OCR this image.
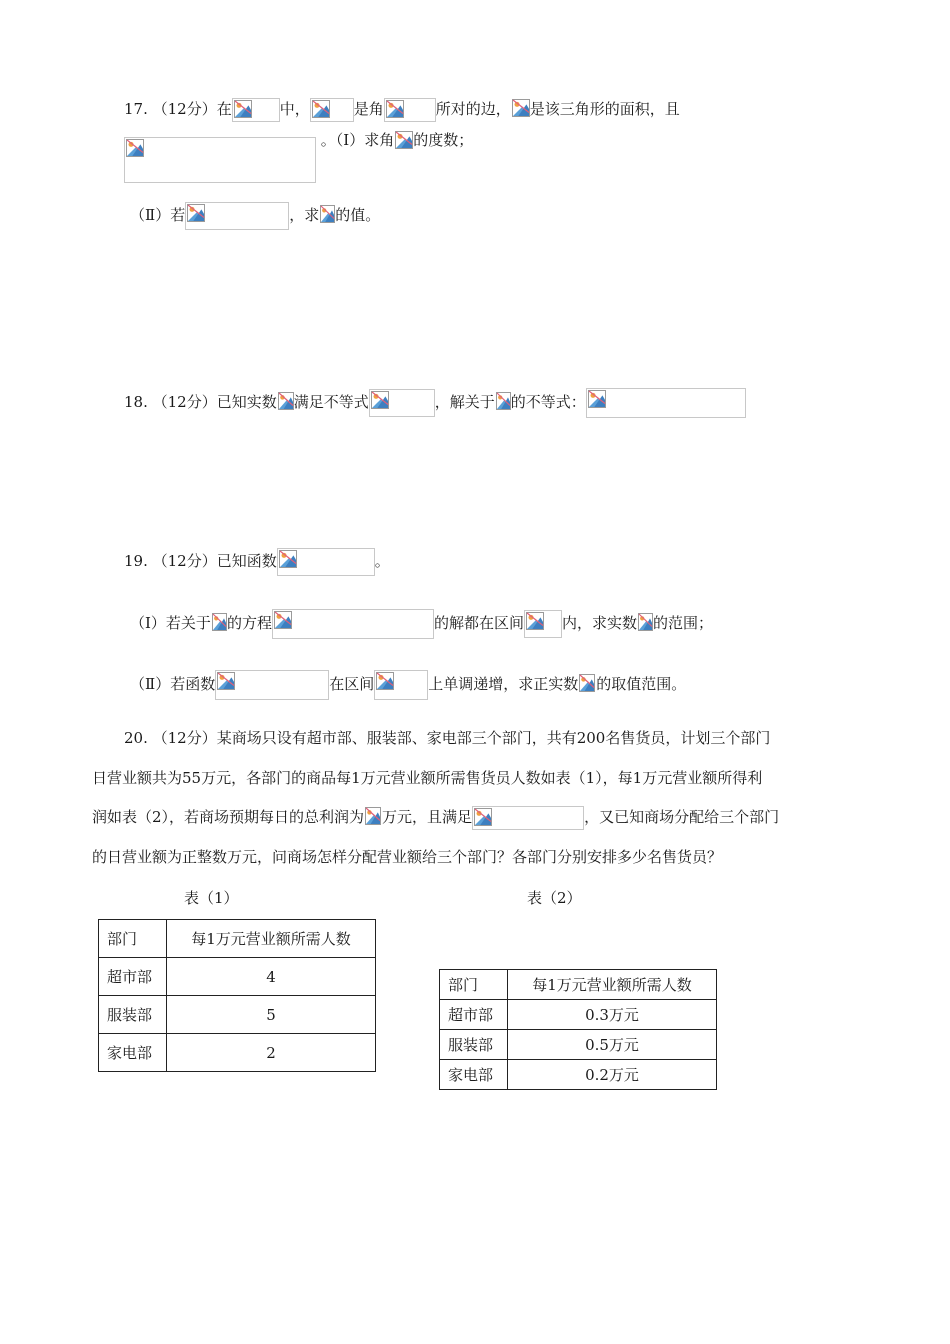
17. （12分）在	中，	是角	所对的边， 是该三角形的面积，且
。（Ⅰ）求角 的度数；
（Ⅱ）若	，求 的值。
18. （12分）已知实数 满足不等式	，解关于 的不等式：
19. （12分）已知函数	。
（Ⅰ）若关于 的方程	的解都在区间	内，求实数 的范围；
（Ⅱ）若函数	在区间	上单调递增，求正实数 的取值范围。
20. （12分）某商场只设有超市部、服装部、家电部三个部门，共有200名售货员，计划三个部门
日营业额共为55万元，各部门的商品每1万元营业额所需售货员人数如表（1），每1万元营业额所得利
润如表（2），若商场预期每日的总利润为 万元，且满足	，又已知商场分配给三个部门
的日营业额为正整数万元，问商场怎样分配营业额给三个部门？各部门分别安排多少名售货员？
表（1）
部门	每1万元营业额所需人数
超市部	4
服装部	5
家电部	2
表（2）
部门	每1万元营业额所需人数
超市部	0.3万元
服装部	0.5万元
家电部	0.2万元
